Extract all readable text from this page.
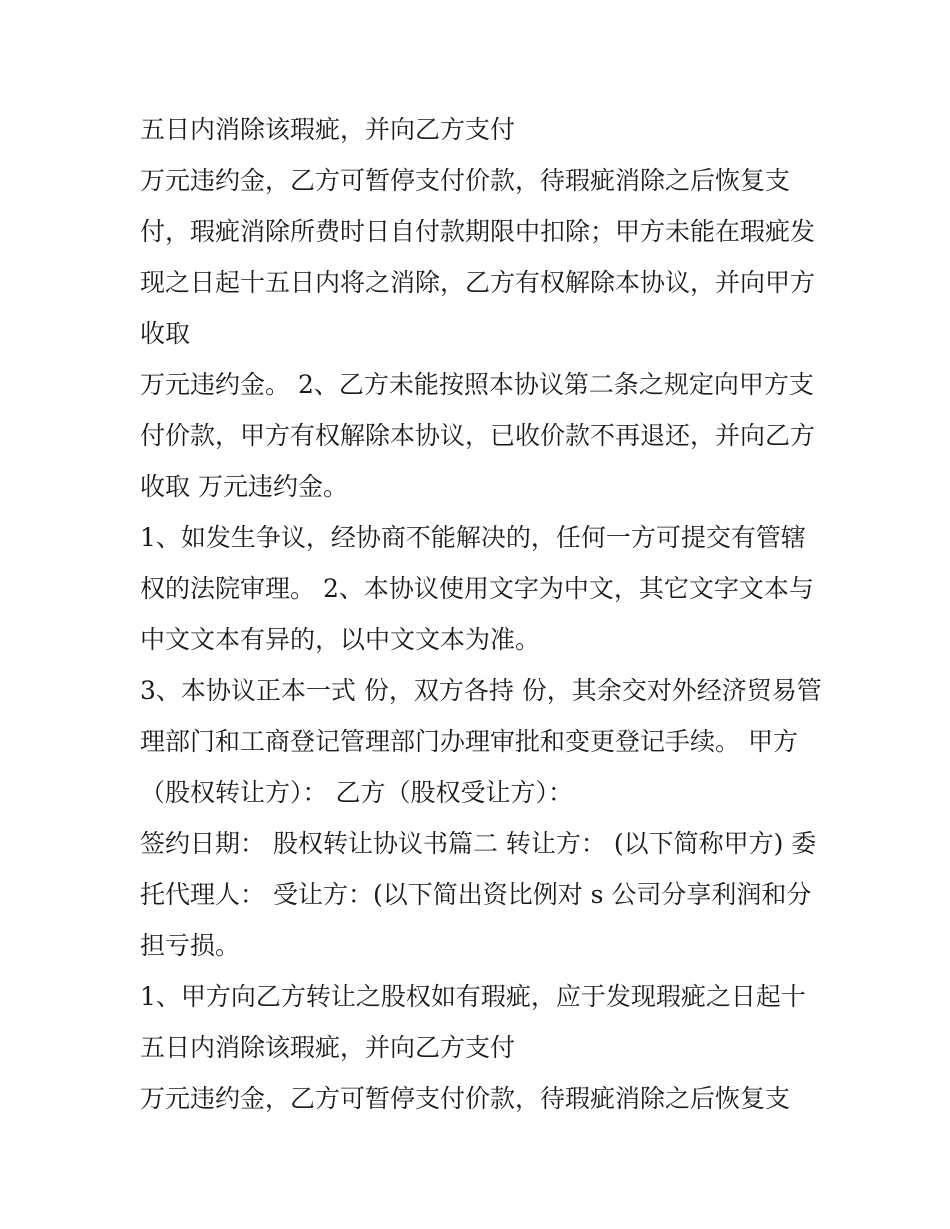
五日内消除该瑕疵，并向乙方支付

万元违约金，乙方可暂停支付价款，待瑕疵消除之后恢复支

付，瑕疵消除所费时日自付款期限中扣除；甲方未能在瑕疵发

现之日起十五日内将之消除，乙方有权解除本协议，并向甲方

收取

万元违约金。 2、乙方未能按照本协议第二条之规定向甲方支

付价款，甲方有权解除本协议，已收价款不再退还，并向乙方

收取 万元违约金。

1、如发生争议，经协商不能解决的，任何一方可提交有管辖

权的法院审理。 2、本协议使用文字为中文，其它文字文本与

中文文本有异的，以中文文本为准。

3、本协议正本一式 份，双方各持 份，其余交对外经济贸易管

理部门和工商登记管理部门办理审批和变更登记手续。 甲方

（股权转让方）： 乙方（股权受让方）：

签约日期： 股权转让协议书篇二 转让方： (以下简称甲方) 委

托代理人： 受让方：(以下简出资比例对 s 公司分享利润和分

担亏损。

1、甲方向乙方转让之股权如有瑕疵，应于发现瑕疵之日起十

五日内消除该瑕疵，并向乙方支付

万元违约金，乙方可暂停支付价款，待瑕疵消除之后恢复支
